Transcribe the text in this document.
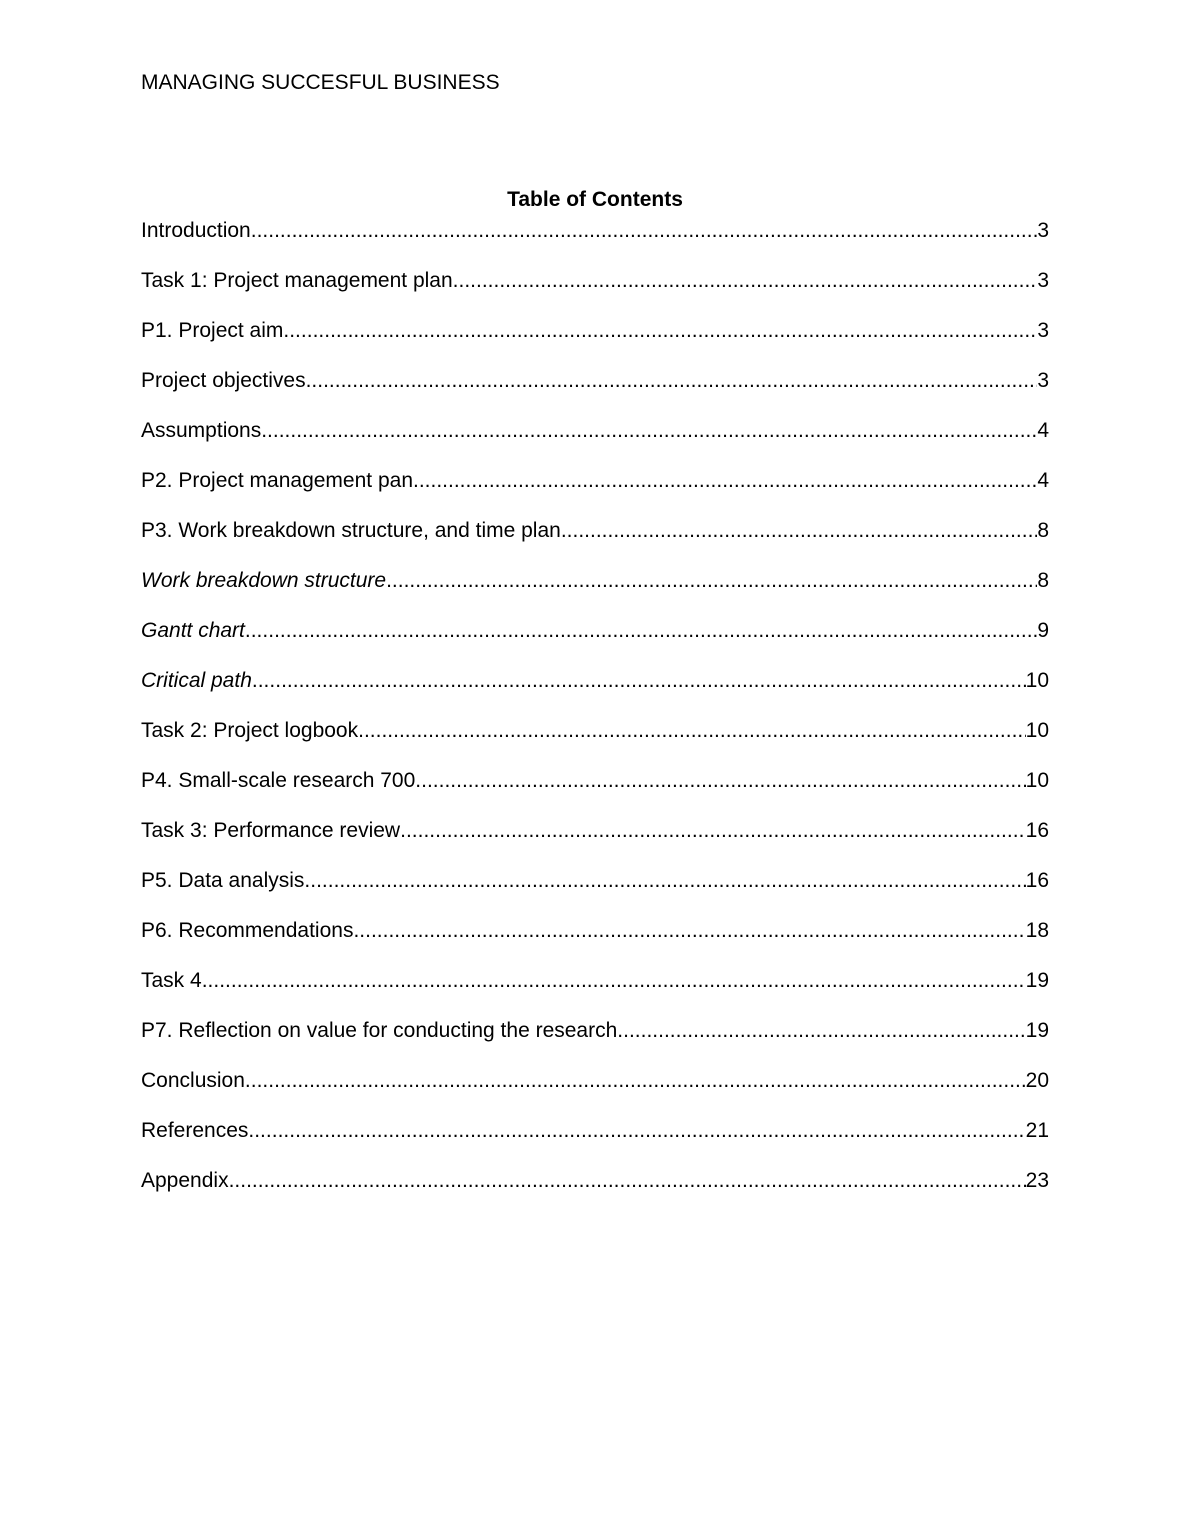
MANAGING SUCCESFUL BUSINESS
Table of Contents
Introduction .....	3
Task 1: Project management plan .....	3
P1. Project aim .....	3
Project objectives .....	3
Assumptions .....	4
P2. Project management pan .....	4
P3. Work breakdown structure, and time plan .....	8
Work breakdown structure .....	8
Gantt chart .....	9
Critical path .....	10
Task 2: Project logbook .....	10
P4. Small-scale research 700 .....	10
Task 3: Performance review .....	16
P5. Data analysis .....	16
P6. Recommendations .....	18
Task 4 .....	19
P7. Reflection on value for conducting the research .....	19
Conclusion .....	20
References .....	21
Appendix .....	23
